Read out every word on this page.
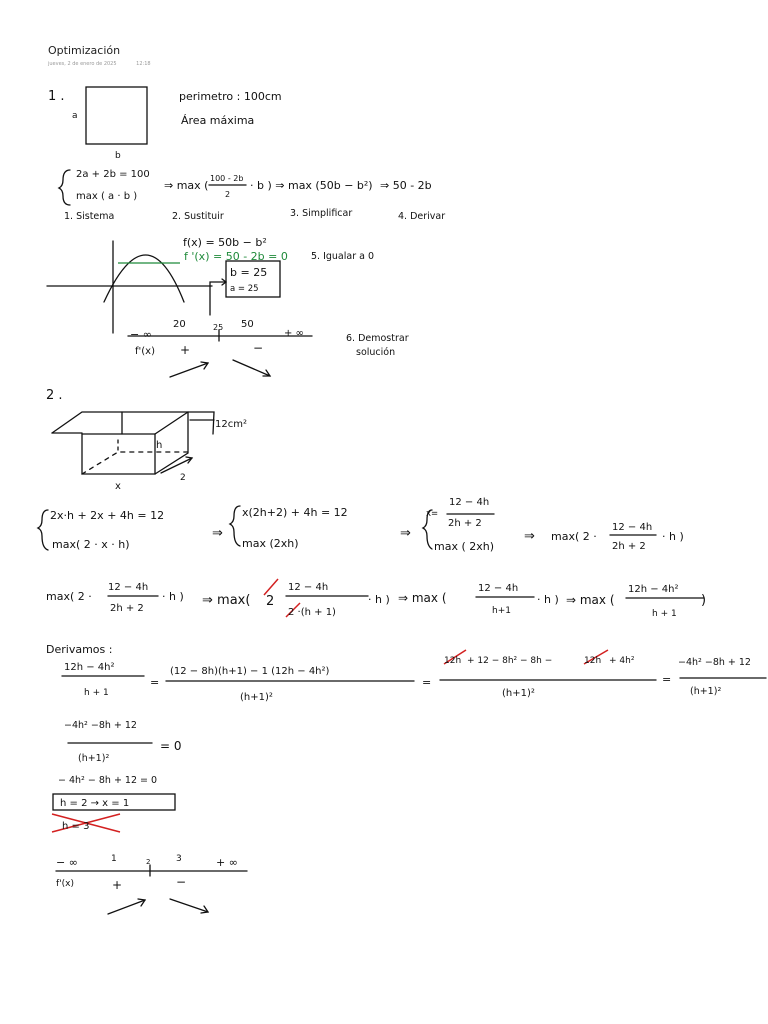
Optimización
jueves, 2 de enero de 2025	12:18
1 .
a
b
perimetro : 100cm
Área máxima
2a + 2b = 100
max ( a · b )
⇒ max (
100 - 2b
2
· b ) ⇒ max (50b − b²) ⇒ 50 - 2b
1. Sistema	2. Sustituir	3. Simplificar	4. Derivar
f(x) = 50b − b²
f '(x) = 50 - 2b = 0 5. Igualar a 0
b = 25
a = 25
− ∞
20	25 50
+ ∞
f'(x) +	−
6. Demostrar
solución
2 .
12cm²
h
2
x
2x·h + 2x + 4h = 12
max( 2 · x · h)
⇒
x(2h+2) + 4h = 12
max (2xh)
⇒
x=
12 − 4h
2h + 2
max ( 2xh)
⇒ max( 2 ·
12 − 4h
2h + 2
· h )
max( 2 ·
12 − 4h
2h + 2
· h ) ⇒ max( 2
12 − 4h
2 ·(h + 1)
· h ) ⇒ max (
12 − 4h
h+1
· h ) ⇒ max (
12h − 4h²
h + 1
)
Derivamos :
12h − 4h²
h + 1
=
(12 − 8h)(h+1) − 1 (12h − 4h²)
(h+1)²
=
12h + 12 − 8h² − 8h −	12h + 4h²
(h+1)²
=
−4h² −8h + 12
(h+1)²
−4h² −8h + 12
(h+1)²
= 0
− 4h² − 8h + 12 = 0
h = 2 → x = 1
h = 3
− ∞	1	2	3	+ ∞
f'(x)	+	−
